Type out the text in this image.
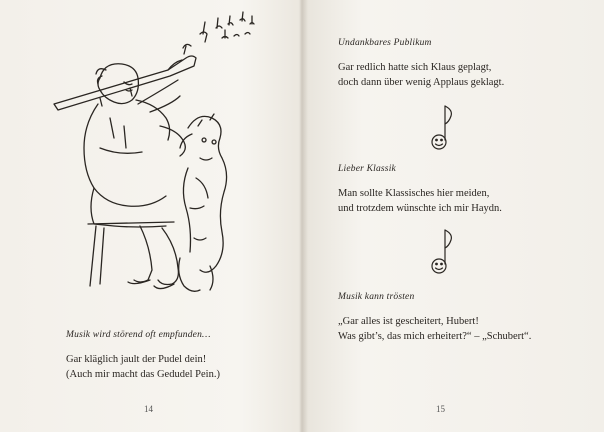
Musik wird störend oft empfunden…
Gar kläglich jault der Pudel dein!
(Auch mir macht das Gedudel Pein.)
14
Undankbares Publikum
Gar redlich hatte sich Klaus geplagt,
doch dann über wenig Applaus geklagt.
Lieber Klassik
Man sollte Klassisches hier meiden,
und trotzdem wünschte ich mir Haydn.
Musik kann trösten
„Gar alles ist gescheitert, Hubert!
Was gibt’s, das mich erheitert?“ – „Schubert“.
15
